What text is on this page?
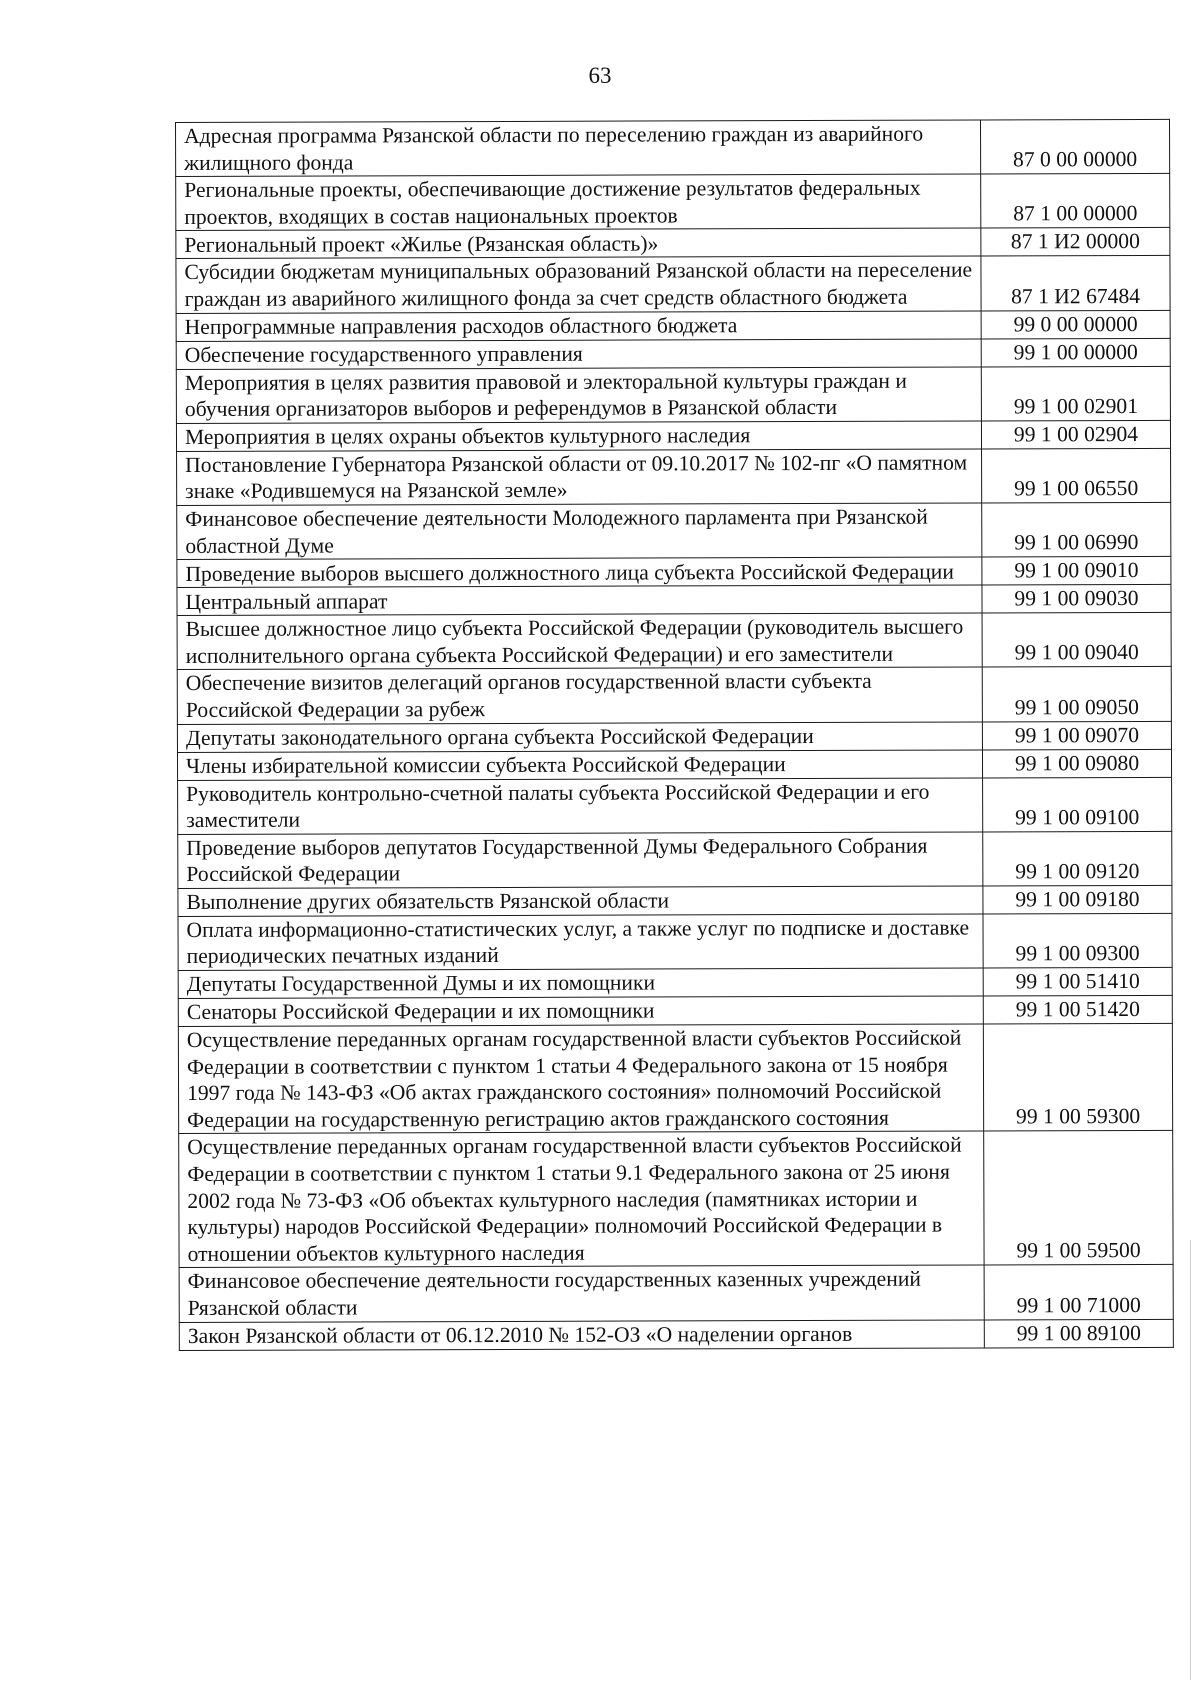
63
Адресная программа Рязанской области по переселению граждан из аварийного жилищного фонда	87 0 00 00000
Региональные проекты, обеспечивающие достижение результатов федеральных проектов, входящих в состав национальных проектов	87 1 00 00000
Региональный проект «Жилье (Рязанская область)»	87 1 И2 00000
Субсидии бюджетам муниципальных образований Рязанской области на переселение граждан из аварийного жилищного фонда за счет средств областного бюджета	87 1 И2 67484
Непрограммные направления расходов областного бюджета	99 0 00 00000
Обеспечение государственного управления	99 1 00 00000
Мероприятия в целях развития правовой и электоральной культуры граждан и обучения организаторов выборов и референдумов в Рязанской области	99 1 00 02901
Мероприятия в целях охраны объектов культурного наследия	99 1 00 02904
Постановление Губернатора Рязанской области от 09.10.2017 № 102-пг «О памятном знаке «Родившемуся на Рязанской земле»	99 1 00 06550
Финансовое обеспечение деятельности Молодежного парламента при Рязанской областной Думе	99 1 00 06990
Проведение выборов высшего должностного лица субъекта Российской Федерации	99 1 00 09010
Центральный аппарат	99 1 00 09030
Высшее должностное лицо субъекта Российской Федерации (руководитель высшего исполнительного органа субъекта Российской Федерации) и его заместители	99 1 00 09040
Обеспечение визитов делегаций органов государственной власти субъекта Российской Федерации за рубеж	99 1 00 09050
Депутаты законодательного органа субъекта Российской Федерации	99 1 00 09070
Члены избирательной комиссии субъекта Российской Федерации	99 1 00 09080
Руководитель контрольно-счетной палаты субъекта Российской Федерации и его заместители	99 1 00 09100
Проведение выборов депутатов Государственной Думы Федерального Собрания Российской Федерации	99 1 00 09120
Выполнение других обязательств Рязанской области	99 1 00 09180
Оплата информационно-статистических услуг, а также услуг по подписке и доставке периодических печатных изданий	99 1 00 09300
Депутаты Государственной Думы и их помощники	99 1 00 51410
Сенаторы Российской Федерации и их помощники	99 1 00 51420
Осуществление переданных органам государственной власти субъектов Российской Федерации в соответствии с пунктом 1 статьи 4 Федерального закона от 15 ноября 1997 года № 143-ФЗ «Об актах гражданского состояния» полномочий Российской Федерации на государственную регистрацию актов гражданского состояния	99 1 00 59300
Осуществление переданных органам государственной власти субъектов Российской Федерации в соответствии с пунктом 1 статьи 9.1 Федерального закона от 25 июня 2002 года № 73-ФЗ «Об объектах культурного наследия (памятниках истории и культуры) народов Российской Федерации» полномочий Российской Федерации в отношении объектов культурного наследия	99 1 00 59500
Финансовое обеспечение деятельности государственных казенных учреждений Рязанской области	99 1 00 71000
Закон Рязанской области от 06.12.2010 № 152-ОЗ «О наделении органов	99 1 00 89100
